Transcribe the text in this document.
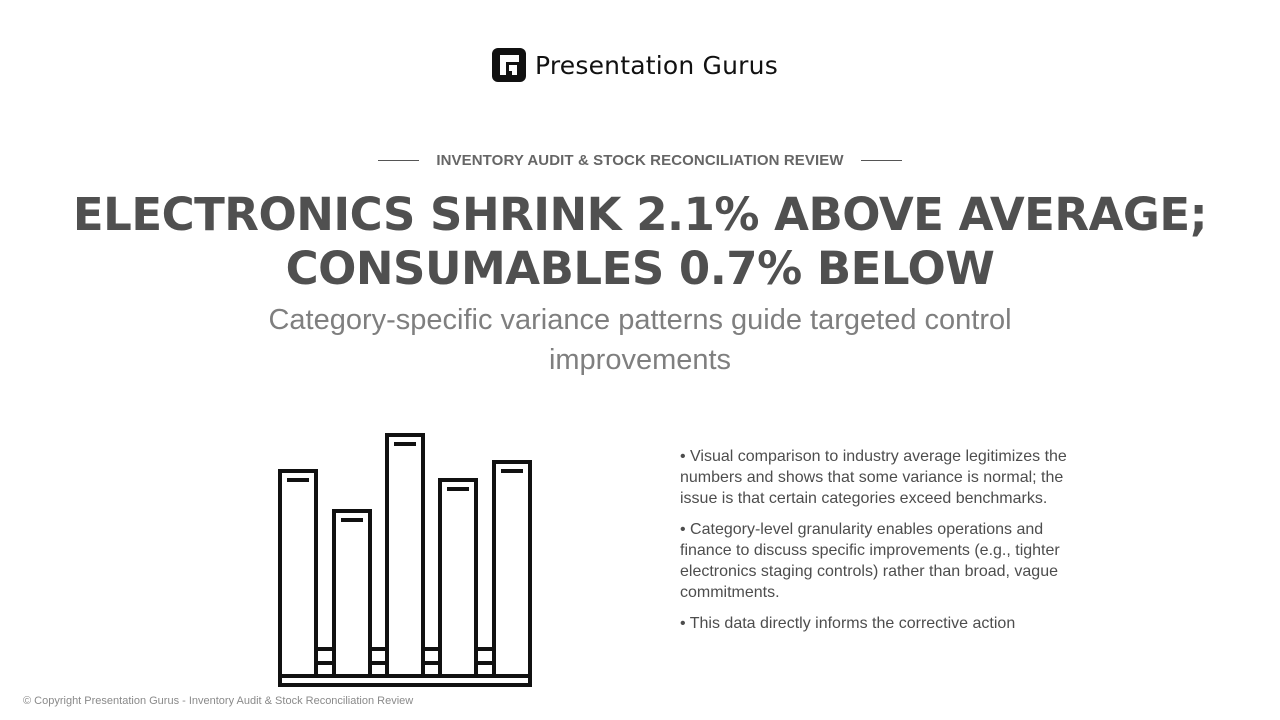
Presentation Gurus
INVENTORY AUDIT & STOCK RECONCILIATION REVIEW
ELECTRONICS SHRINK 2.1% ABOVE AVERAGE;
CONSUMABLES 0.7% BELOW

Category-specific variance patterns guide targeted control improvements

• Visual comparison to industry average legitimizes the numbers and shows that some variance is normal; the issue is that certain categories exceed benchmarks.
• Category-level granularity enables operations and finance to discuss specific improvements (e.g., tighter electronics staging controls) rather than broad, vague commitments.
• This data directly informs the corrective action
© Copyright Presentation Gurus - Inventory Audit & Stock Reconciliation Review
